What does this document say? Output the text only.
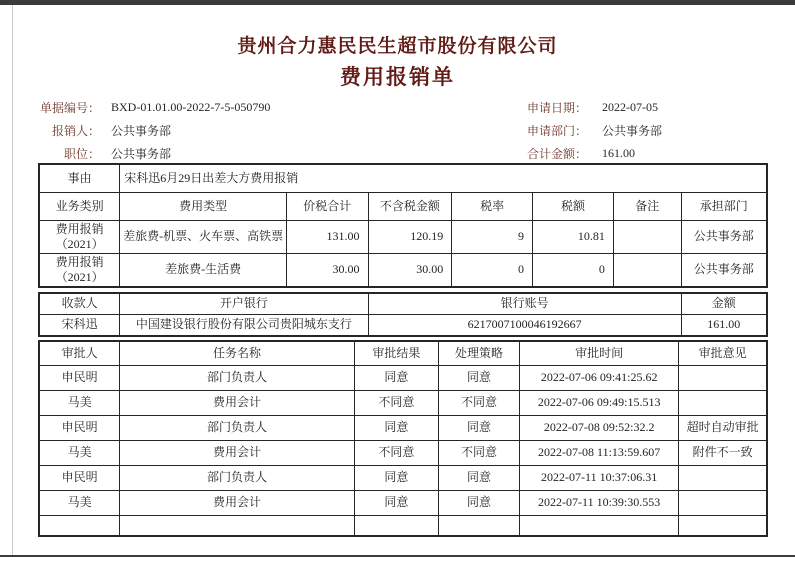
贵州合力惠民民生超市股份有限公司
费用报销单
单据编号： BXD-01.01.00-2022-7-5-050790
报销人： 公共事务部
职位： 公共事务部
申请日期：	2022-07-05
申请部门：	公共事务部
合计金额：	161.00
事由	宋科迅6月29日出差大方费用报销						
业务类别	费用类型	价税合计	不含税金额	税率	税额	备注	承担部门
费用报销（2021）	差旅费-机票、火车票、高铁票	131.00	120.19	9	10.81		公共事务部
费用报销（2021）	差旅费-生活费	30.00	30.00	0	0		公共事务部
收款人	开户银行	银行账号	金额
宋科迅	中国建设银行股份有限公司贵阳城东支行	6217007100046192667	161.00
审批人	任务名称	审批结果	处理策略	审批时间	审批意见
申民明	部门负责人	同意	同意	2022-07-06 09:41:25.62	
马美	费用会计	不同意	不同意	2022-07-06 09:49:15.513	
申民明	部门负责人	同意	同意	2022-07-08 09:52:32.2	超时自动审批
马美	费用会计	不同意	不同意	2022-07-08 11:13:59.607	附件不一致
申民明	部门负责人	同意	同意	2022-07-11 10:37:06.31	
马美	费用会计	同意	同意	2022-07-11 10:39:30.553	
